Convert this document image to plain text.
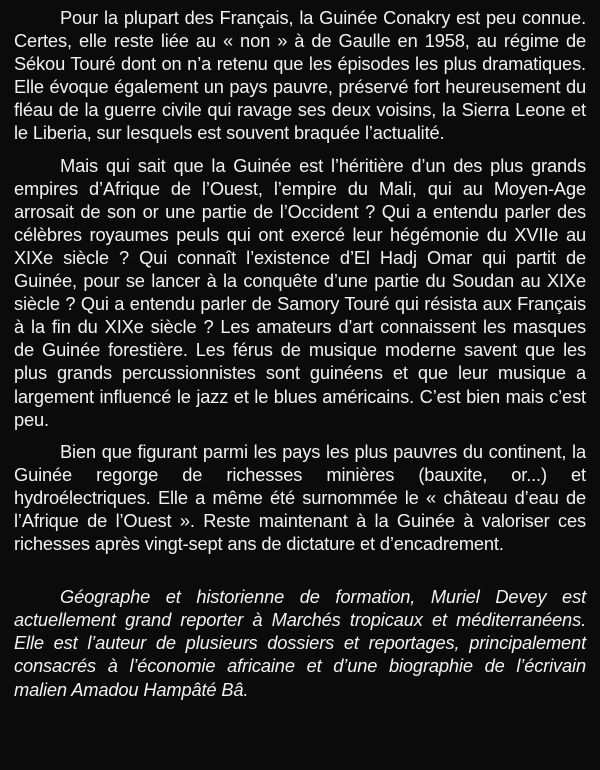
Pour la plupart des Français, la Guinée Conakry est peu connue. Certes, elle reste liée au « non » à de Gaulle en 1958, au régime de Sékou Touré dont on n’a retenu que les épisodes les plus dramatiques. Elle évoque également un pays pauvre, préservé fort heureusement du fléau de la guerre civile qui ravage ses deux voisins, la Sierra Leone et le Liberia, sur lesquels est souvent braquée l’actualité.

Mais qui sait que la Guinée est l’héritière d’un des plus grands empires d’Afrique de l’Ouest, l’empire du Mali, qui au Moyen-Age arrosait de son or une partie de l’Occident ? Qui a entendu parler des célèbres royaumes peuls qui ont exercé leur hégémonie du XVIIe au XIXe siècle ? Qui connaît l’existence d’El Hadj Omar qui partit de Guinée, pour se lancer à la conquête d’une partie du Soudan au XIXe siècle ? Qui a entendu parler de Samory Touré qui résista aux Français à la fin du XIXe siècle ? Les amateurs d’art connaissent les masques de Guinée forestière. Les férus de musique moderne savent que les plus grands percussionnistes sont guinéens et que leur musique a largement influencé le jazz et le blues américains. C’est bien mais c’est peu.

Bien que figurant parmi les pays les plus pauvres du continent, la Guinée regorge de richesses minières (bauxite, or...) et hydroélectriques. Elle a même été surnommée le « château d’eau de l’Afrique de l’Ouest ». Reste maintenant à la Guinée à valoriser ces richesses après vingt-sept ans de dictature et d’encadrement.

Géographe et historienne de formation, Muriel Devey est actuellement grand reporter à Marchés tropicaux et méditerranéens. Elle est l’auteur de plusieurs dossiers et reportages, principalement consacrés à l’économie africaine et d’une biographie de l’écrivain malien Amadou Hampâté Bâ.
